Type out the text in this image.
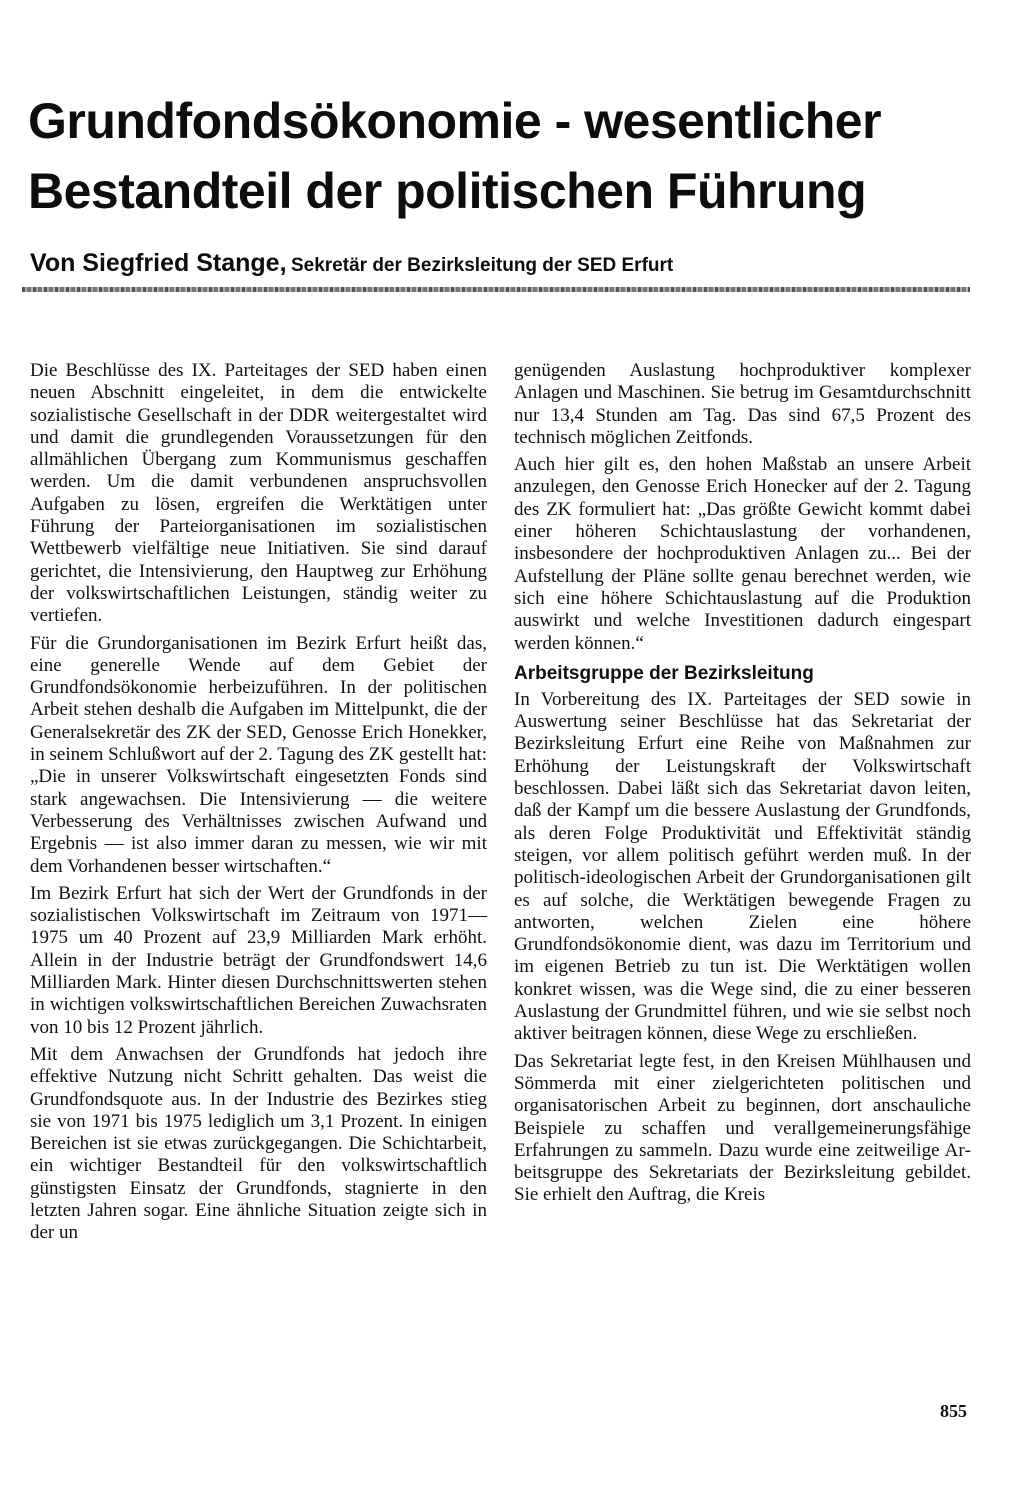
Grundfondsökonomie - wesentlicher
Bestandteil der politischen Führung
Von Siegfried Stange, Sekretär der Bezirksleitung der SED Erfurt

Die Beschlüsse des IX. Parteitages der SED haben einen neuen Abschnitt eingeleitet, in dem die entwickelte sozialistische Gesellschaft in der DDR weitergestaltet wird und damit die grundlegenden Voraussetzungen für den allmählichen Übergang zum Kommunismus geschaffen werden. Um die damit verbundenen anspruchsvollen Aufgaben zu lösen, ergreifen die Werktätigen unter Führung der Parteiorganisationen im sozialistischen Wettbewerb vielfältige neue Initiativen. Sie sind darauf gerichtet, die Intensivierung, den Hauptweg zur Erhöhung der volkswirtschaftlichen Leistungen, ständig weiter zu vertiefen.

Für die Grundorganisationen im Bezirk Erfurt heißt das, eine generelle Wende auf dem Gebiet der Grundfondsökonomie herbeizuführen. In der politischen Arbeit stehen deshalb die Aufgaben im Mittelpunkt, die der Generalsekretär des ZK der SED, Genosse Erich Honekker, in seinem Schlußwort auf der 2. Tagung des ZK gestellt hat: „Die in unserer Volkswirtschaft eingesetzten Fonds sind stark angewachsen. Die Intensivierung — die weitere Verbesserung des Verhältnisses zwischen Aufwand und Ergebnis — ist also immer daran zu messen, wie wir mit dem Vorhandenen besser wirtschaften.“

Im Bezirk Erfurt hat sich der Wert der Grundfonds in der sozialistischen Volkswirtschaft im Zeitraum von 1971—1975 um 40 Prozent auf 23,9 Milliarden Mark erhöht. Allein in der Industrie beträgt der Grundfondswert 14,6 Milliarden Mark. Hinter diesen Durchschnittswerten stehen in wichtigen volkswirtschaftlichen Bereichen Zuwachsraten von 10 bis 12 Prozent jährlich.

Mit dem Anwachsen der Grundfonds hat jedoch ihre effektive Nutzung nicht Schritt gehalten. Das weist die Grundfondsquote aus. In der Industrie des Bezirkes stieg sie von 1971 bis 1975 lediglich um 3,1 Prozent. In einigen Bereichen ist sie etwas zurückgegangen. Die Schichtarbeit, ein wichtiger Bestandteil für den volkswirtschaftlich günstigsten Einsatz der Grundfonds, stagnierte in den letzten Jahren sogar. Eine ähnliche Situation zeigte sich in der un

genügenden Auslastung hochproduktiver komplexer Anlagen und Maschinen. Sie betrug im Gesamtdurchschnitt nur 13,4 Stunden am Tag. Das sind 67,5 Prozent des technisch möglichen Zeitfonds.

Auch hier gilt es, den hohen Maßstab an unsere Arbeit anzulegen, den Genosse Erich Honecker auf der 2. Tagung des ZK formuliert hat: „Das größte Gewicht kommt dabei einer höheren Schichtauslastung der vorhandenen, insbesondere der hochproduktiven Anlagen zu... Bei der Aufstellung der Pläne sollte genau berechnet werden, wie sich eine höhere Schichtauslastung auf die Produktion auswirkt und welche Investitionen dadurch eingespart werden können.“

Arbeitsgruppe der Bezirksleitung

In Vorbereitung des IX. Parteitages der SED sowie in Auswertung seiner Beschlüsse hat das Sekretariat der Bezirksleitung Erfurt eine Reihe von Maßnahmen zur Erhöhung der Leistungskraft der Volkswirtschaft beschlossen. Dabei läßt sich das Sekretariat davon leiten, daß der Kampf um die bessere Auslastung der Grundfonds, als deren Folge Produktivität und Effektivität ständig steigen, vor allem politisch geführt werden muß. In der politisch-ideologischen Arbeit der Grundorganisationen gilt es auf solche, die Werktätigen bewegende Fragen zu antworten, welchen Zielen eine höhere Grundfondsökonomie dient, was dazu im Territorium und im eigenen Betrieb zu tun ist. Die Werktätigen wollen konkret wissen, was die Wege sind, die zu einer besseren Auslastung der Grundmittel führen, und wie sie selbst noch aktiver beitragen können, diese Wege zu erschließen.

Das Sekretariat legte fest, in den Kreisen Mühlhausen und Sömmerda mit einer zielgerichteten politischen und organisatorischen Arbeit zu beginnen, dort anschauliche Beispiele zu schaffen und verallgemeinerungsfähige Erfahrungen zu sammeln. Dazu wurde eine zeitweilige Arbeitsgruppe des Sekretariats der Bezirksleitung gebildet. Sie erhielt den Auftrag, die Kreis

855
